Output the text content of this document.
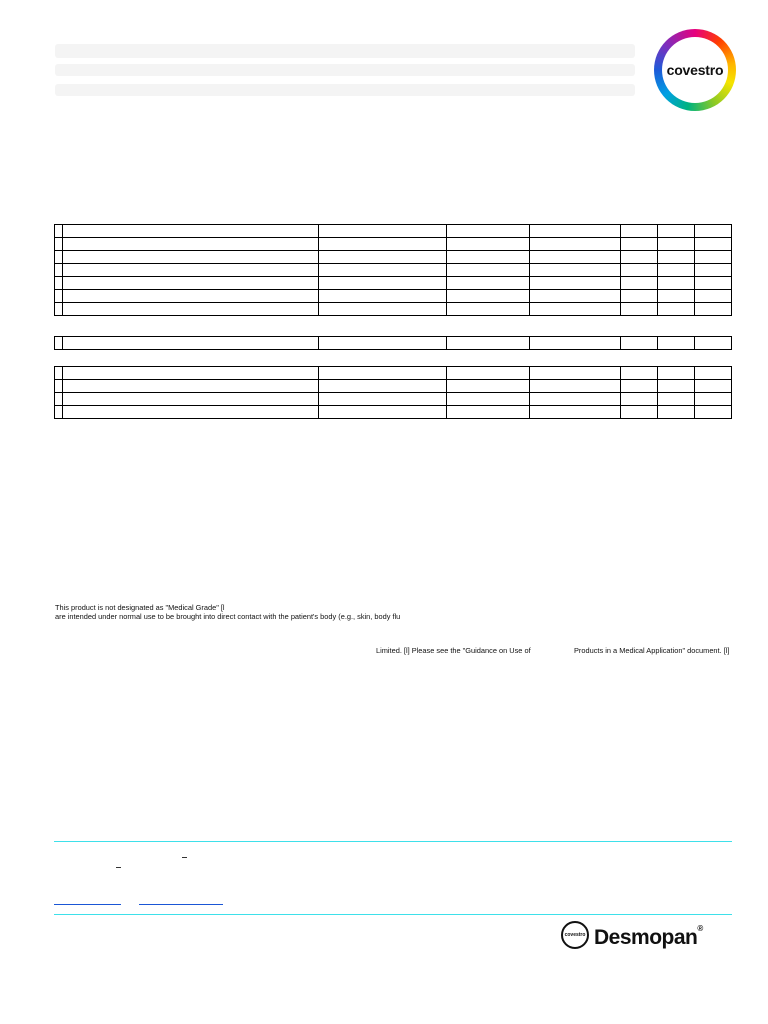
covestro

This product is not designated as "Medical Grade" [l
are intended under normal use to be brought into direct contact with the patient's body (e.g., skin, body flu
Limited. [l] Please see the "Guidance on Use of	Products in a Medical Application" document. [l]
covestro Desmopan®
